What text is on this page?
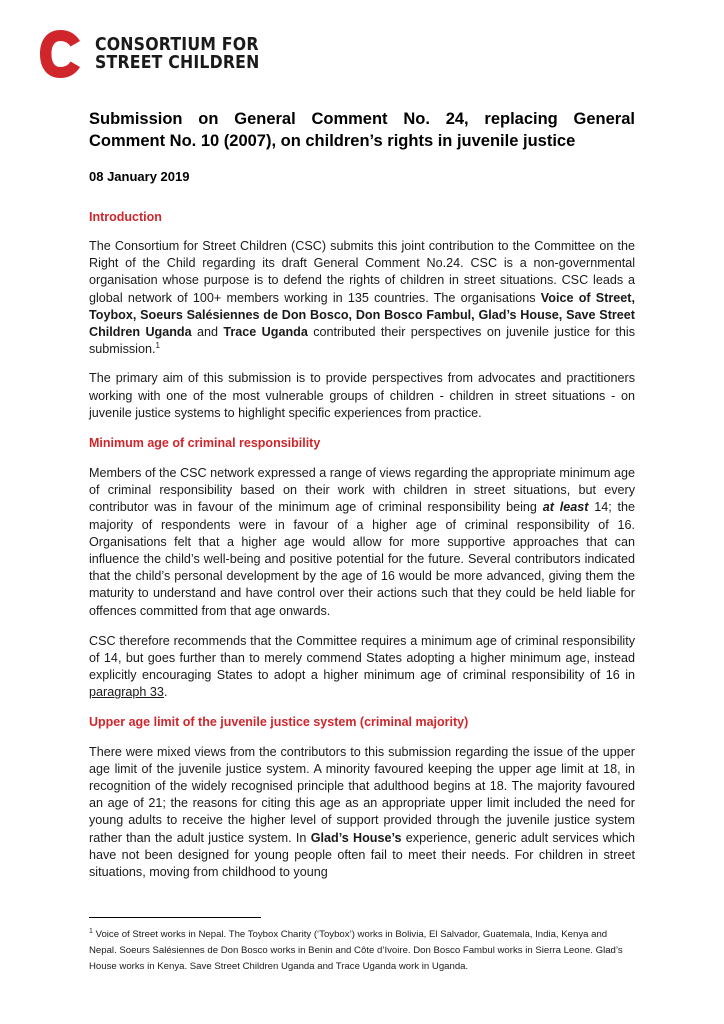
CONSORTIUM FOR
STREET CHILDREN
Submission on General Comment No. 24, replacing General Comment No. 10 (2007), on children’s rights in juvenile justice
08 January 2019
Introduction

The Consortium for Street Children (CSC) submits this joint contribution to the Committee on the Right of the Child regarding its draft General Comment No.24. CSC is a non-governmental organisation whose purpose is to defend the rights of children in street situations. CSC leads a global network of 100+ members working in 135 countries. The organisations Voice of Street, Toybox, Soeurs Salésiennes de Don Bosco, Don Bosco Fambul, Glad’s House, Save Street Children Uganda and Trace Uganda contributed their perspectives on juvenile justice for this submission.$^1$

The primary aim of this submission is to provide perspectives from advocates and practitioners working with one of the most vulnerable groups of children - children in street situations - on juvenile justice systems to highlight specific experiences from practice.

Minimum age of criminal responsibility

Members of the CSC network expressed a range of views regarding the appropriate minimum age of criminal responsibility based on their work with children in street situations, but every contributor was in favour of the minimum age of criminal responsibility being at least 14; the majority of respondents were in favour of a higher age of criminal responsibility of 16. Organisations felt that a higher age would allow for more supportive approaches that can influence the child’s well-being and positive potential for the future. Several contributors indicated that the child’s personal development by the age of 16 would be more advanced, giving them the maturity to understand and have control over their actions such that they could be held liable for offences committed from that age onwards.

CSC therefore recommends that the Committee requires a minimum age of criminal responsibility of 14, but goes further than to merely commend States adopting a higher minimum age, instead explicitly encouraging States to adopt a higher minimum age of criminal responsibility of 16 in paragraph 33.

Upper age limit of the juvenile justice system (criminal majority)

There were mixed views from the contributors to this submission regarding the issue of the upper age limit of the juvenile justice system. A minority favoured keeping the upper age limit at 18, in recognition of the widely recognised principle that adulthood begins at 18. The majority favoured an age of 21; the reasons for citing this age as an appropriate upper limit included the need for young adults to receive the higher level of support provided through the juvenile justice system rather than the adult justice system. In Glad’s House’s experience, generic adult services which have not been designed for young people often fail to meet their needs. For children in street situations, moving from childhood to young

$^1$ Voice of Street works in Nepal. The Toybox Charity (‘Toybox’) works in Bolivia, El Salvador, Guatemala, India, Kenya and Nepal. Soeurs Salésiennes de Don Bosco works in Benin and Côte d’Ivoire. Don Bosco Fambul works in Sierra Leone. Glad’s House works in Kenya. Save Street Children Uganda and Trace Uganda work in Uganda.
